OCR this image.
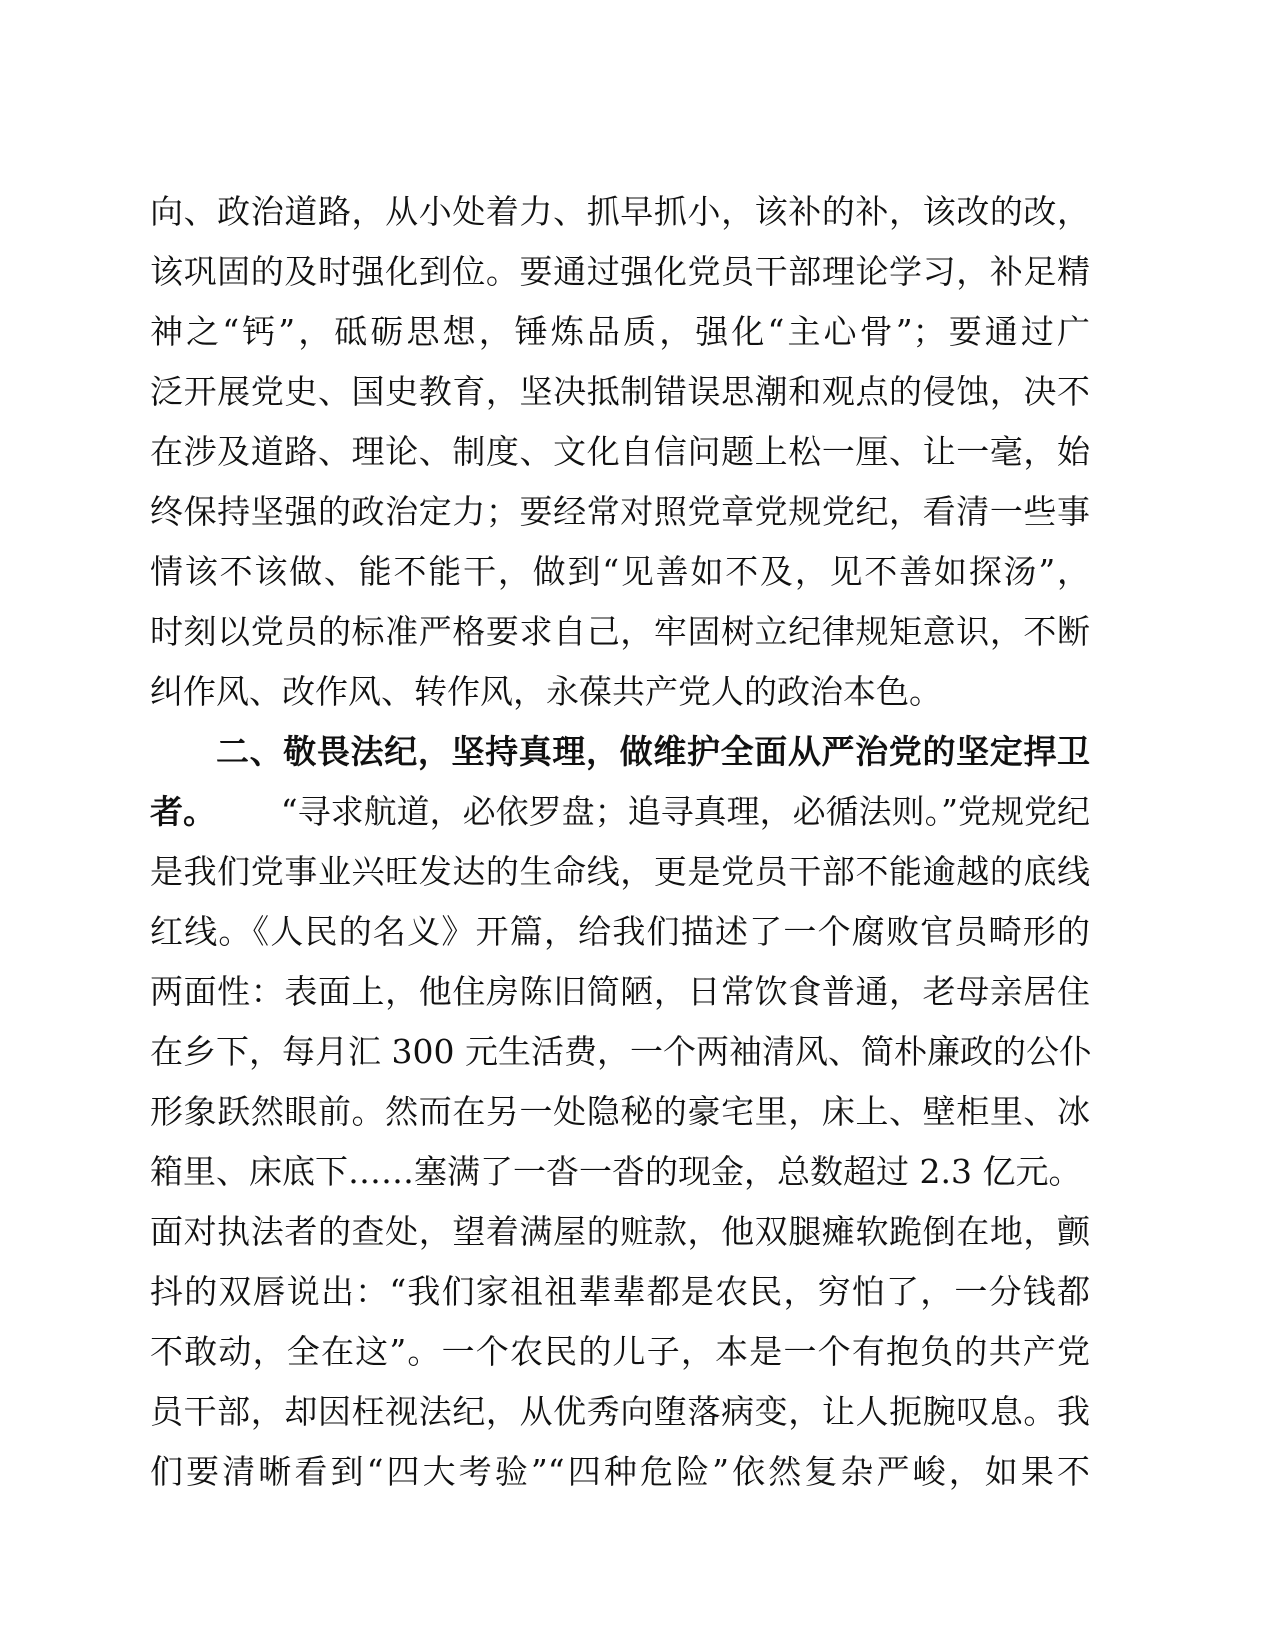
向、政治道路，从小处着力、抓早抓小，该补的补，该改的改，
该巩固的及时强化到位。要通过强化党员干部理论学习，补足精
神之“钙”，砥砺思想，锤炼品质，强化“主心骨”；要通过广
泛开展党史、国史教育，坚决抵制错误思潮和观点的侵蚀，决不
在涉及道路、理论、制度、文化自信问题上松一厘、让一毫，始
终保持坚强的政治定力；要经常对照党章党规党纪，看清一些事
情该不该做、能不能干，做到“见善如不及，见不善如探汤”，
时刻以党员的标准严格要求自己，牢固树立纪律规矩意识，不断
纠作风、改作风、转作风，永葆共产党人的政治本色。
二、敬畏法纪，坚持真理，做维护全面从严治党的坚定捍卫
者。 “寻求航道，必依罗盘；追寻真理，必循法则。”党规党纪
是我们党事业兴旺发达的生命线，更是党员干部不能逾越的底线
红线。《人民的名义》开篇，给我们描述了一个腐败官员畸形的
两面性：表面上，他住房陈旧简陋，日常饮食普通，老母亲居住
在乡下，每月汇 300 元生活费，一个两袖清风、简朴廉政的公仆
形象跃然眼前。然而在另一处隐秘的豪宅里，床上、壁柜里、冰
箱里、床底下……塞满了一沓一沓的现金，总数超过 2.3 亿元。
面对执法者的查处，望着满屋的赃款，他双腿瘫软跪倒在地，颤
抖的双唇说出：“我们家祖祖辈辈都是农民，穷怕了，一分钱都
不敢动，全在这”。一个农民的儿子，本是一个有抱负的共产党
员干部，却因枉视法纪，从优秀向堕落病变，让人扼腕叹息。我
们要清晰看到“四大考验”“四种危险”依然复杂严峻，如果不
